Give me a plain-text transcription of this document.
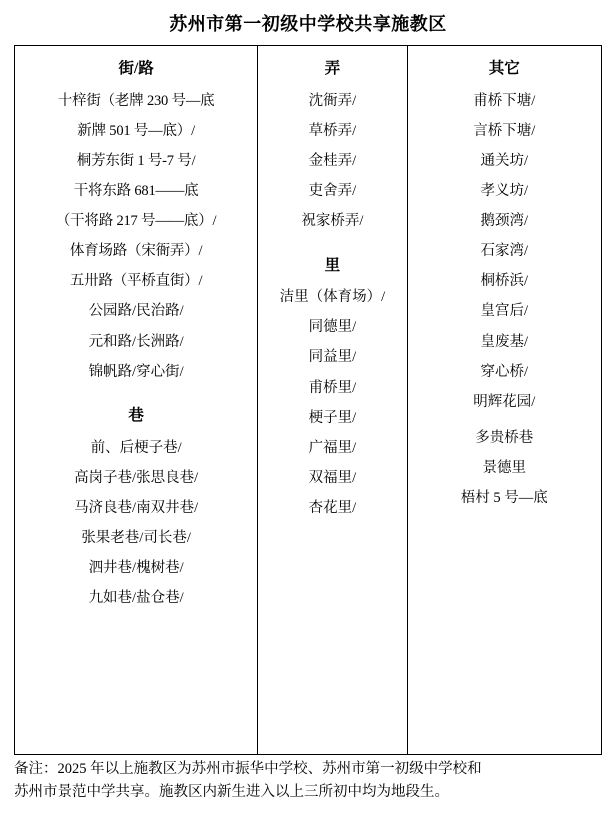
苏州市第一初级中学校共享施教区
街/路
十梓街（老牌 230 号—底
新牌 501 号—底）/
桐芳东街 1 号-7 号/
干将东路 681——底
（干将路 217 号——底）/
体育场路（宋衙弄）/
五卅路（平桥直街）/
公园路/民治路/
元和路/长洲路/
锦帆路/穿心街/
巷
前、后梗子巷/
高岗子巷/张思良巷/
马济良巷/南双井巷/
张果老巷/司长巷/
泗井巷/槐树巷/
九如巷/盐仓巷/
弄
沈衙弄/
草桥弄/
金桂弄/
吏舍弄/
祝家桥弄/
里
洁里（体育场）/
同德里/
同益里/
甫桥里/
梗子里/
广福里/
双福里/
杏花里/
其它
甫桥下塘/
言桥下塘/
通关坊/
孝义坊/
鹅颈湾/
石家湾/
桐桥浜/
皇宫后/
皇废基/
穿心桥/
明辉花园/
多贵桥巷
景德里
梧村 5 号—底

备注：2025 年以上施教区为苏州市振华中学校、苏州市第一初级中学校和

苏州市景范中学共享。施教区内新生进入以上三所初中均为地段生。
